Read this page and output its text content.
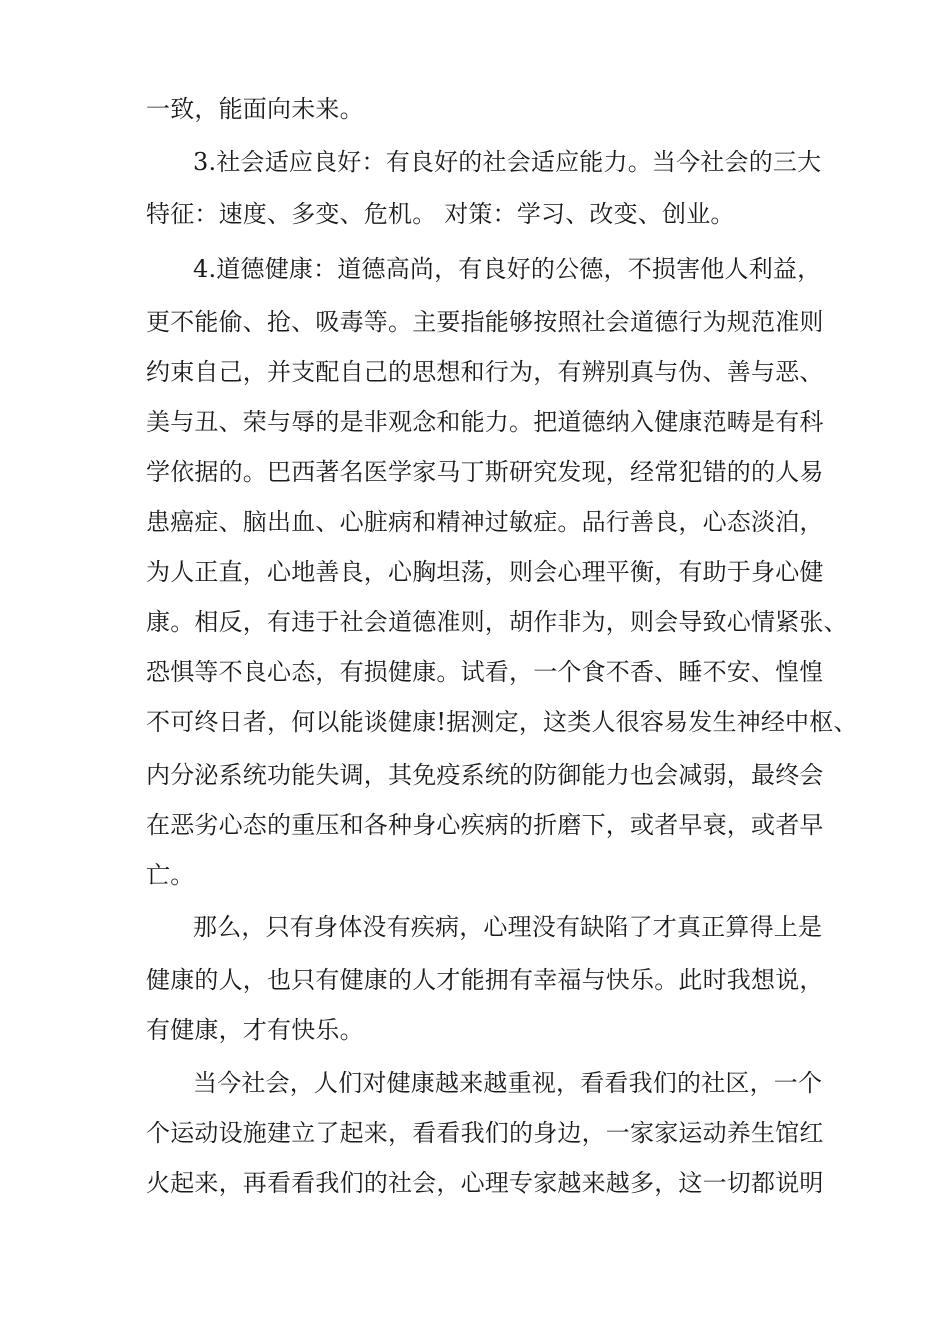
一致，能面向未来。
3.社会适应良好：有良好的社会适应能力。当今社会的三大
特征：速度、多变、危机。 对策：学习、改变、创业。
4.道德健康：道德高尚，有良好的公德，不损害他人利益，
更不能偷、抢、吸毒等。主要指能够按照社会道德行为规范准则
约束自己，并支配自己的思想和行为，有辨别真与伪、善与恶、
美与丑、荣与辱的是非观念和能力。把道德纳入健康范畴是有科
学依据的。巴西著名医学家马丁斯研究发现，经常犯错的的人易
患癌症、脑出血、心脏病和精神过敏症。品行善良，心态淡泊，
为人正直，心地善良，心胸坦荡，则会心理平衡，有助于身心健
康。相反，有违于社会道德准则，胡作非为，则会导致心情紧张、
恐惧等不良心态，有损健康。试看，一个食不香、睡不安、惶惶
不可终日者，何以能谈健康!据测定，这类人很容易发生神经中枢、
内分泌系统功能失调，其免疫系统的防御能力也会减弱，最终会
在恶劣心态的重压和各种身心疾病的折磨下，或者早衰，或者早
亡。
那么，只有身体没有疾病，心理没有缺陷了才真正算得上是
健康的人，也只有健康的人才能拥有幸福与快乐。此时我想说，
有健康，才有快乐。
当今社会，人们对健康越来越重视，看看我们的社区，一个
个运动设施建立了起来，看看我们的身边，一家家运动养生馆红
火起来，再看看我们的社会，心理专家越来越多，这一切都说明
